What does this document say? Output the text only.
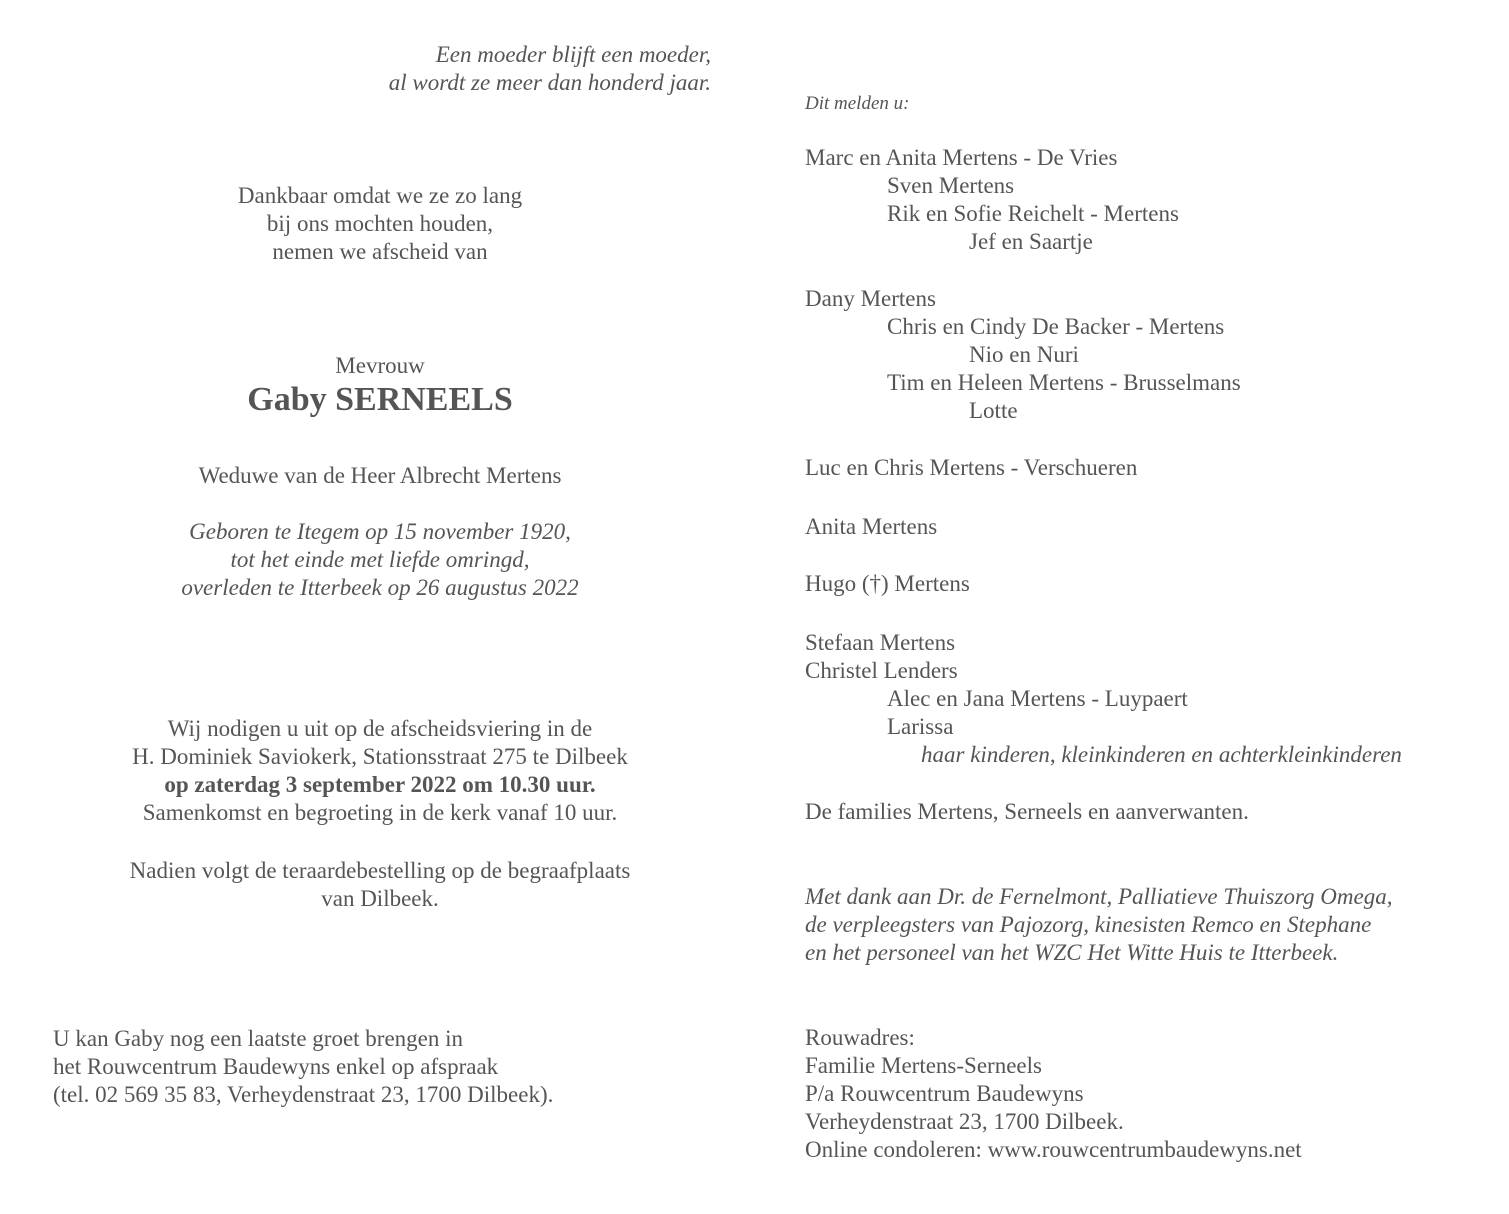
Een moeder blijft een moeder,
al wordt ze meer dan honderd jaar.
Dankbaar omdat we ze zo lang
bij ons mochten houden,
nemen we afscheid van
Mevrouw
Gaby SERNEELS
Weduwe van de Heer Albrecht Mertens
Geboren te Itegem op 15 november 1920,
tot het einde met liefde omringd,
overleden te Itterbeek op 26 augustus 2022
Wij nodigen u uit op de afscheidsviering in de
H. Dominiek Saviokerk, Stationsstraat 275 te Dilbeek
op zaterdag 3 september 2022 om 10.30 uur.
Samenkomst en begroeting in de kerk vanaf 10 uur.
Nadien volgt de teraardebestelling op de begraafplaats
van Dilbeek.
U kan Gaby nog een laatste groet brengen in
het Rouwcentrum Baudewyns enkel op afspraak
(tel. 02 569 35 83, Verheydenstraat 23, 1700 Dilbeek).
Dit melden u:
Marc en Anita Mertens - De Vries
Sven Mertens
Rik en Sofie Reichelt - Mertens
Jef en Saartje
Dany Mertens
Chris en Cindy De Backer - Mertens
Nio en Nuri
Tim en Heleen Mertens - Brusselmans
Lotte
Luc en Chris Mertens - Verschueren
Anita Mertens
Hugo (†) Mertens
Stefaan Mertens
Christel Lenders
Alec en Jana Mertens - Luypaert
Larissa
haar kinderen, kleinkinderen en achterkleinkinderen
De families Mertens, Serneels en aanverwanten.
Met dank aan Dr. de Fernelmont, Palliatieve Thuiszorg Omega,
de verpleegsters van Pajozorg, kinesisten Remco en Stephane
en het personeel van het WZC Het Witte Huis te Itterbeek.
Rouwadres:
Familie Mertens-Serneels
P/a Rouwcentrum Baudewyns
Verheydenstraat 23, 1700 Dilbeek.
Online condoleren: www.rouwcentrumbaudewyns.net
